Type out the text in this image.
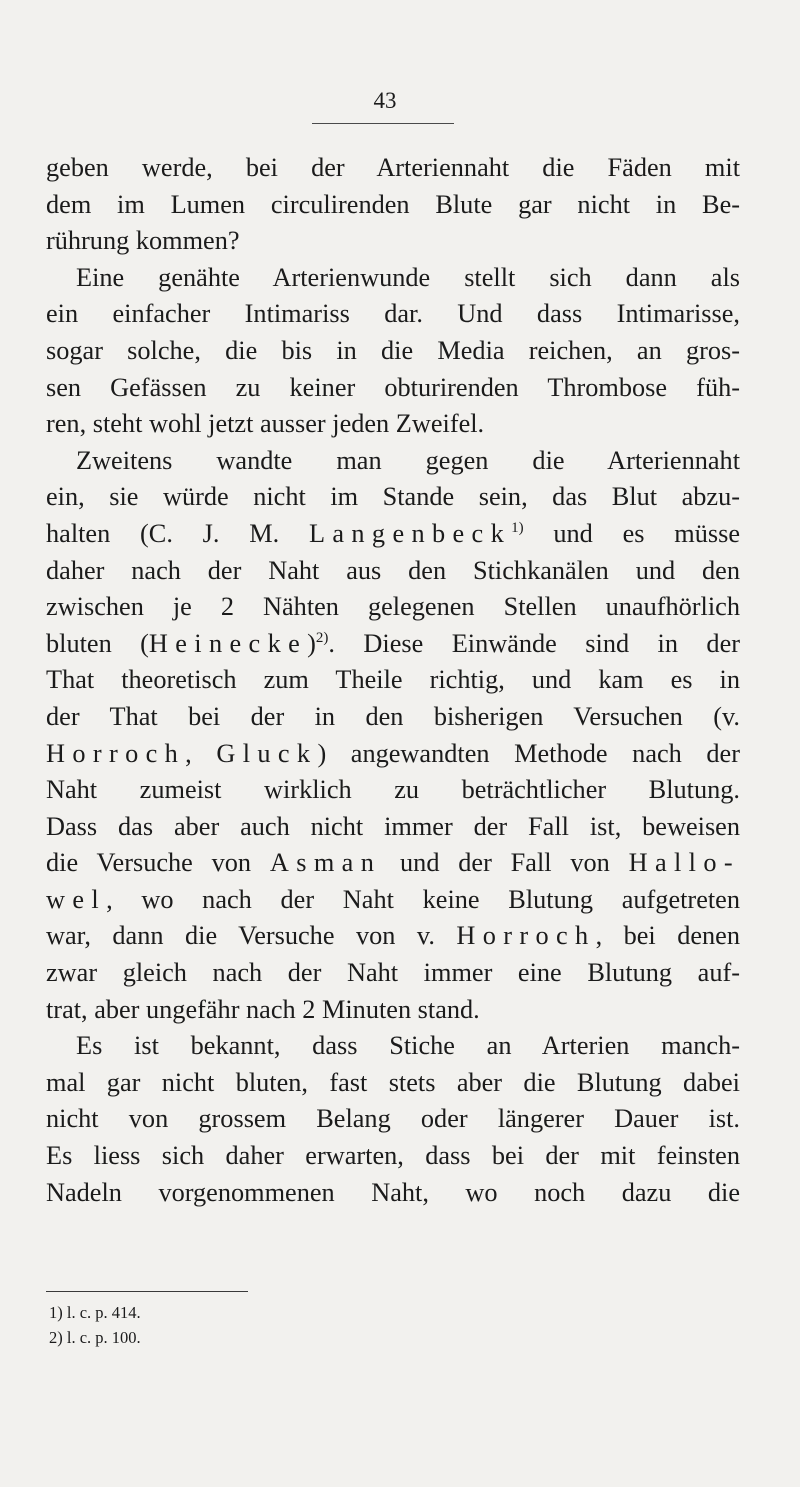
43
geben werde, bei der Arteriennaht die Fäden mit
dem im Lumen circulirenden Blute gar nicht in Be-
rührung kommen?
Eine genähte Arterienwunde stellt sich dann als
ein einfacher Intimariss dar. Und dass Intimarisse,
sogar solche, die bis in die Media reichen, an gros-
sen Gefässen zu keiner obturirenden Thrombose füh-
ren, steht wohl jetzt ausser jeden Zweifel.
Zweitens wandte man gegen die Arteriennaht
ein, sie würde nicht im Stande sein, das Blut abzu-
halten (C. J. M. Langenbeck$^{1)}$ und es müsse
daher nach der Naht aus den Stichkanälen und den
zwischen je 2 Nähten gelegenen Stellen unaufhörlich
bluten (Heinecke)$^{2)}$. Diese Einwände sind in der
That theoretisch zum Theile richtig, und kam es in
der That bei der in den bisherigen Versuchen (v.
Horroch, Gluck) angewandten Methode nach der
Naht zumeist wirklich zu beträchtlicher Blutung.
Dass das aber auch nicht immer der Fall ist, beweisen
die Versuche von Asman und der Fall von Hallo-
wel, wo nach der Naht keine Blutung aufgetreten
war, dann die Versuche von v. Horroch, bei denen
zwar gleich nach der Naht immer eine Blutung auf-
trat, aber ungefähr nach 2 Minuten stand.
Es ist bekannt, dass Stiche an Arterien manch-
mal gar nicht bluten, fast stets aber die Blutung dabei
nicht von grossem Belang oder längerer Dauer ist.
Es liess sich daher erwarten, dass bei der mit feinsten
Nadeln vorgenommenen Naht, wo noch dazu die
1) l. c. p. 414.
2) l. c. p. 100.
